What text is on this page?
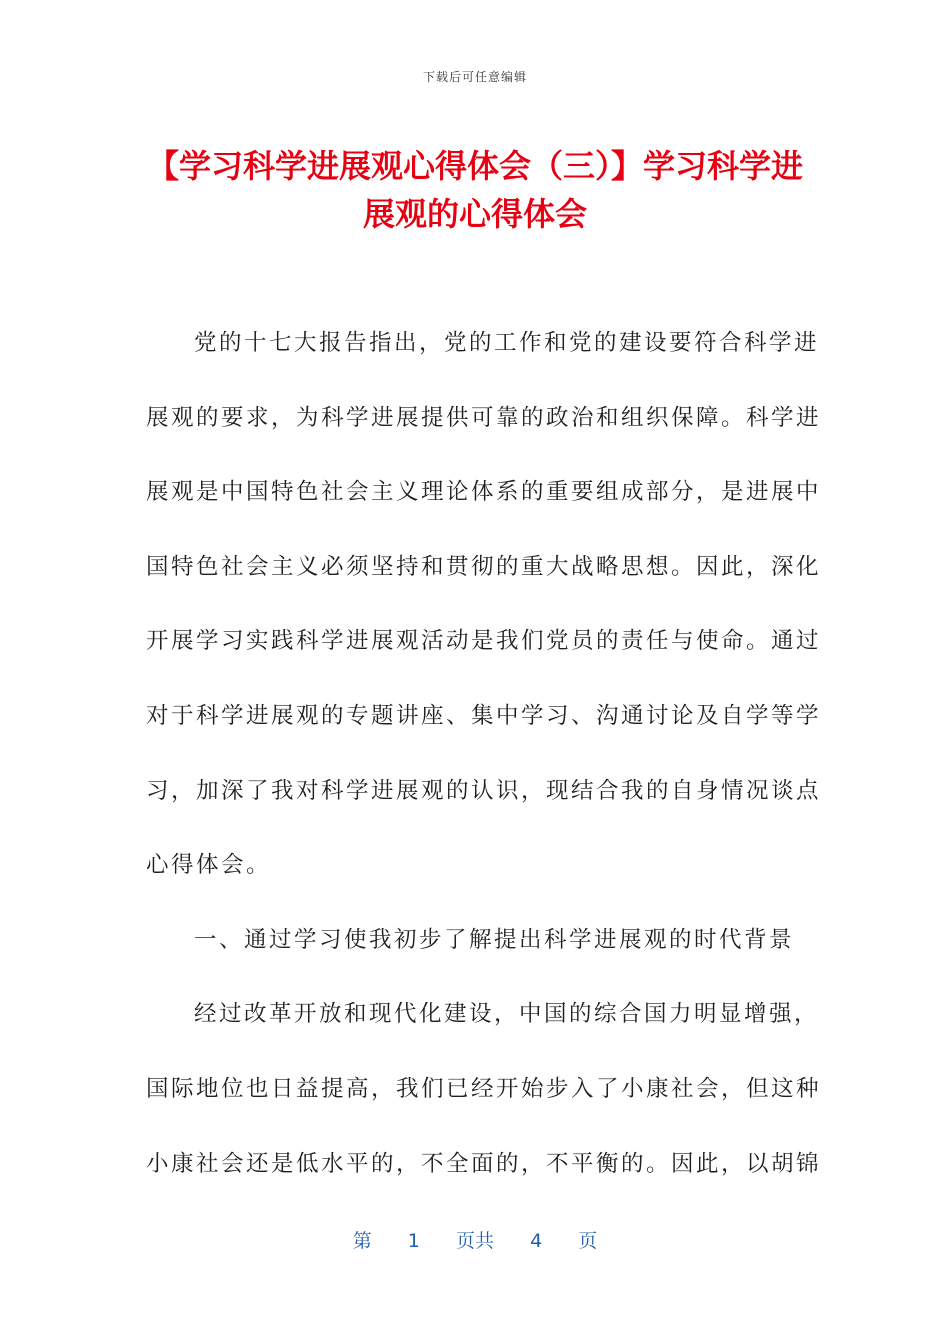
下载后可任意编辑
【学习科学进展观心得体会（三）】学习科学进展观的心得体会
党的十七大报告指出，党的工作和党的建设要符合科学进
展观的要求，为科学进展提供可靠的政治和组织保障。科学进
展观是中国特色社会主义理论体系的重要组成部分，是进展中
国特色社会主义必须坚持和贯彻的重大战略思想。因此，深化
开展学习实践科学进展观活动是我们党员的责任与使命。通过
对于科学进展观的专题讲座、集中学习、沟通讨论及自学等学
习，加深了我对科学进展观的认识，现结合我的自身情况谈点
心得体会。
一、通过学习使我初步了解提出科学进展观的时代背景
经过改革开放和现代化建设，中国的综合国力明显增强，
国际地位也日益提高，我们已经开始步入了小康社会，但这种
小康社会还是低水平的，不全面的，不平衡的。因此，以胡锦
第 1 页共 4 页
